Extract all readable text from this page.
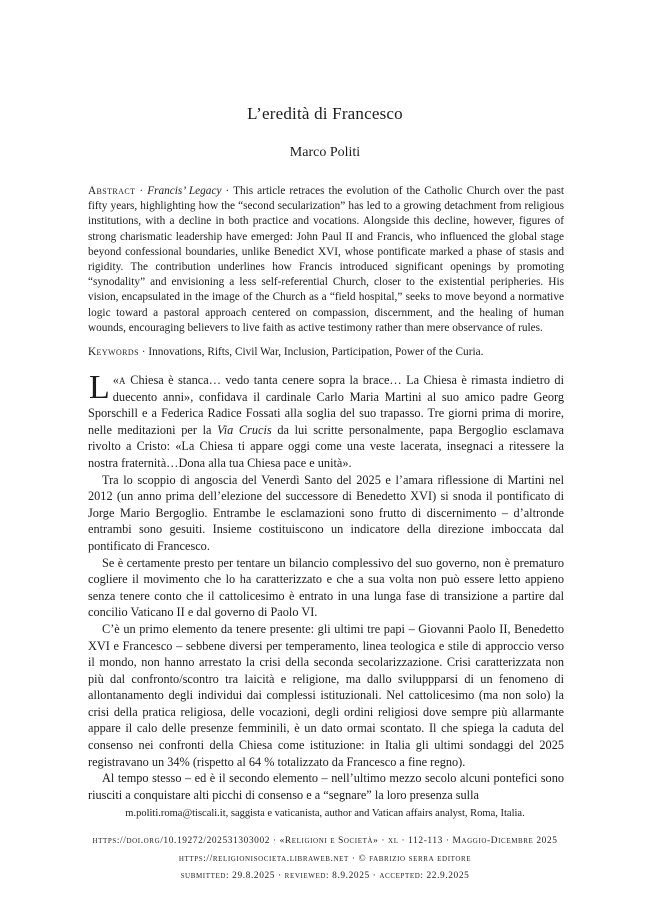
L’eredità di Francesco
Marco Politi
Abstract · Francis’ Legacy · This article retraces the evolution of the Catholic Church over the past fifty years, highlighting how the “second secularization” has led to a growing detachment from religious institutions, with a decline in both practice and vocations. Alongside this decline, however, figures of strong charismatic leadership have emerged: John Paul II and Francis, who influenced the global stage beyond confessional boundaries, unlike Benedict XVI, whose pontificate marked a phase of stasis and rigidity. The contribution underlines how Francis introduced significant openings by promoting “synodality” and envisioning a less self-referential Church, closer to the existential peripheries. His vision, encapsulated in the image of the Church as a “field hospital,” seeks to move beyond a normative logic toward a pastoral approach centered on compassion, discernment, and the healing of human wounds, encouraging believers to live faith as active testimony rather than mere observance of rules.
Keywords · Innovations, Rifts, Civil War, Inclusion, Participation, Power of the Curia.

«
L a Chiesa è stanca… vedo tanta cenere sopra la brace… La Chiesa è rimasta indietro di duecento anni», confidava il cardinale Carlo Maria Martini al suo amico padre Georg Sporschill e a Federica Radice Fossati alla soglia del suo trapasso. Tre giorni prima di morire, nelle meditazioni per la Via Crucis da lui scritte personalmente, papa Bergoglio esclamava rivolto a Cristo: «La Chiesa ti appare oggi come una veste lacerata, insegnaci a ritessere la nostra fraternità…Dona alla tua Chiesa pace e unità».

Tra lo scoppio di angoscia del Venerdì Santo del 2025 e l’amara riflessione di Martini nel 2012 (un anno prima dell’elezione del successore di Benedetto XVI) si snoda il pontificato di Jorge Mario Bergoglio. Entrambe le esclamazioni sono frutto di discernimento – d’altronde entrambi sono gesuiti. Insieme costituiscono un indicatore della direzione imboccata dal pontificato di Francesco.

Se è certamente presto per tentare un bilancio complessivo del suo governo, non è prematuro cogliere il movimento che lo ha caratterizzato e che a sua volta non può essere letto appieno senza tenere conto che il cattolicesimo è entrato in una lunga fase di transizione a partire dal concilio Vaticano II e dal governo di Paolo VI.

C’è un primo elemento da tenere presente: gli ultimi tre papi – Giovanni Paolo II, Benedetto XVI e Francesco – sebbene diversi per temperamento, linea teologica e stile di approccio verso il mondo, non hanno arrestato la crisi della seconda secolarizzazione. Crisi caratterizzata non più dal confronto/scontro tra laicità e religione, ma dallo sviluppparsi di un fenomeno di allontanamento degli individui dai complessi istituzionali. Nel cattolicesimo (ma non solo) la crisi della pratica religiosa, delle vocazioni, degli ordini religiosi dove sempre più allarmante appare il calo delle presenze femminili, è un dato ormai scontato. Il che spiega la caduta del consenso nei confronti della Chiesa come istituzione: in Italia gli ultimi sondaggi del 2025 registravano un 34% (rispetto al 64 % totalizzato da Francesco a fine regno).

Al tempo stesso – ed è il secondo elemento – nell’ultimo mezzo secolo alcuni pontefici sono riusciti a conquistare alti picchi di consenso e a “segnare” la loro presenza sulla

m.politi.roma@tiscali.it, saggista e vaticanista, author and Vatican affairs analyst, Roma, Italia.
https://doi.org/10.19272/202531303002 · «Religioni e Società» · xl · 112-113 · Maggio-Dicembre 2025
https://religionisocieta.libraweb.net · © fabrizio serra editore
submitted: 29.8.2025 · reviewed: 8.9.2025 · accepted: 22.9.2025
